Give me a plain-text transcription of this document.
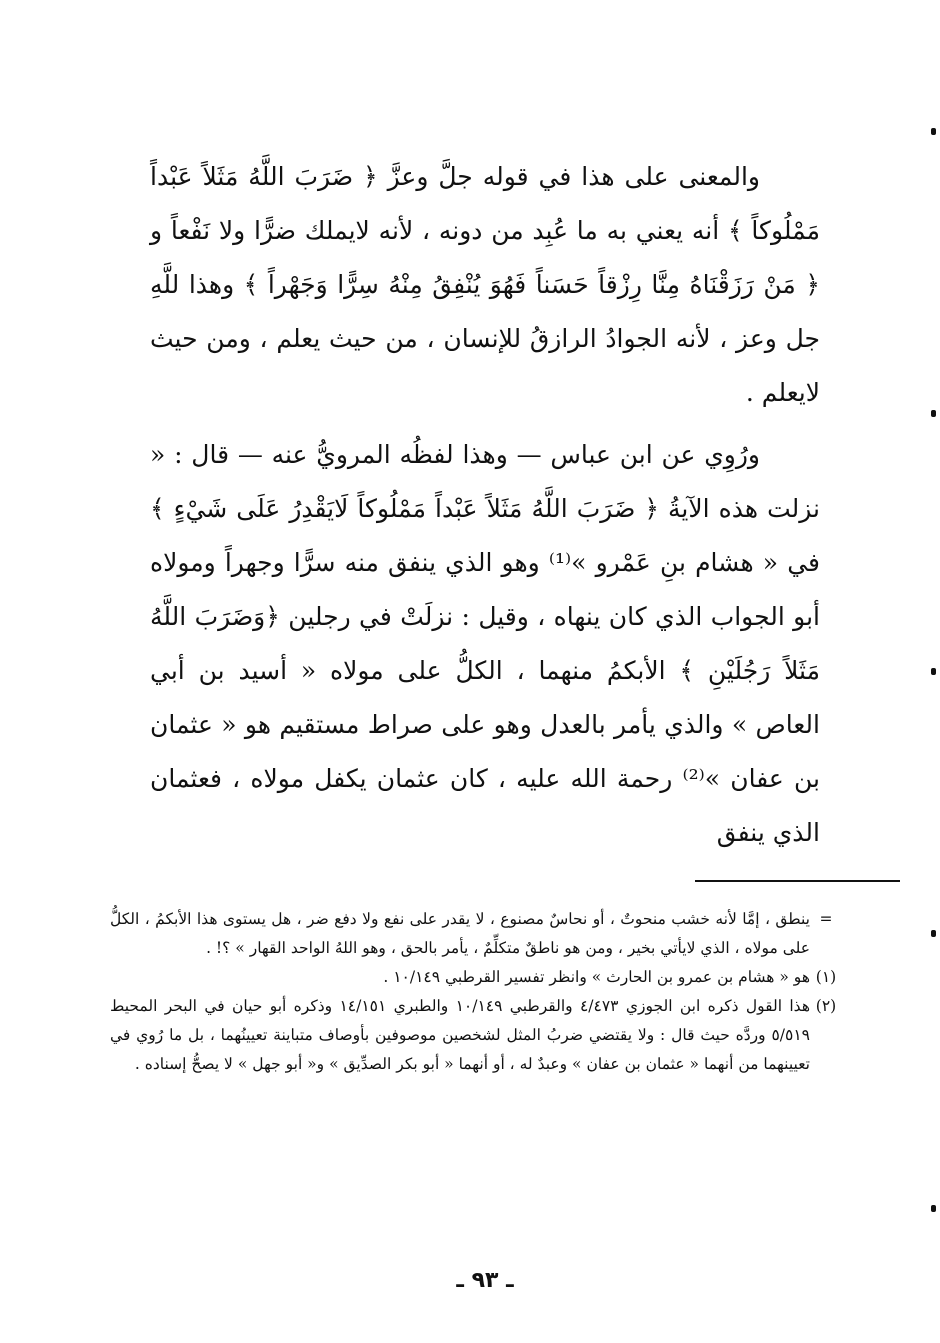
والمعنى على هذا في قوله جلَّ وعزَّ ﴿ ضَرَبَ اللَّهُ مَثَلاً عَبْداً مَمْلُوكاً ﴾ أنه يعني به ما عُبِد من دونه ، لأنه لايملك ضرًّا ولا نَفْعاً و ﴿ مَنْ رَزَقْنَاهُ مِنَّا رِزْقاً حَسَناً فَهُوَ يُنْفِقُ مِنْهُ سِرًّا وَجَهْراً ﴾ وهذا للَّهِ جل وعز ، لأنه الجوادُ الرازقُ للإنسان ، من حيث يعلم ، ومن حيث لايعلم .

ورُوِي عن ابن عباس — وهذا لفظُه المرويُّ عنه — قال : « نزلت هذه الآيةُ ﴿ ضَرَبَ اللَّهُ مَثَلاً عَبْداً مَمْلُوكاً لَايَقْدِرُ عَلَى شَيْءٍ ﴾ في « هشام بنِ عَمْرو »⁽¹⁾ وهو الذي ينفق منه سرًّا وجهراً ومولاه أبو الجواب الذي كان ينهاه ، وقيل : نزلَتْ في رجلين ﴿وَضَرَبَ اللَّهُ مَثَلاً رَجُلَيْنِ ﴾ الأبكمُ منهما ، الكلُّ على مولاه « أسيد بن أبي العاص » والذي يأمر بالعدل وهو على صراط مستقيم هو « عثمان بن عفان »⁽²⁾ رحمة الله عليه ، كان عثمان يكفل مولاه ، فعثمان الذي ينفق

=
ينطق ، إمَّا لأنه خشب منحوتٌ ، أو نحاسٌ مصنوع ، لا يقدر على نفع ولا دفع ضر ، هل يستوى هذا الأبكمُ ، الكلُّ على مولاه ، الذي لايأتي بخير ، ومن هو ناطقٌ متكلِّمٌ ، يأمر بالحق ، وهو اللهُ الواحد القهار » ؟! .
(١)
هو « هشام بن عمرو بن الحارث » وانظر تفسير القرطبي ١٠/١٤٩ .
(٢)
هذا القول ذكره ابن الجوزي ٤/٤٧٣ والقرطبي ١٠/١٤٩ والطبري ١٤/١٥١ وذكره أبو حيان في البحر المحيط ٥/٥١٩ وردَّه حيث قال : ولا يقتضي ضربُ المثل لشخصين موصوفين بأوصاف متباينة تعيينُهما ، بل ما رُوي في تعيينهما من أنهما « عثمان بن عفان » وعبدٌ له ، أو أنهما « أبو بكر الصدِّيق » و« أبو جهل » لا يصحُّ إسناده .
ـ ٩٣ ـ
